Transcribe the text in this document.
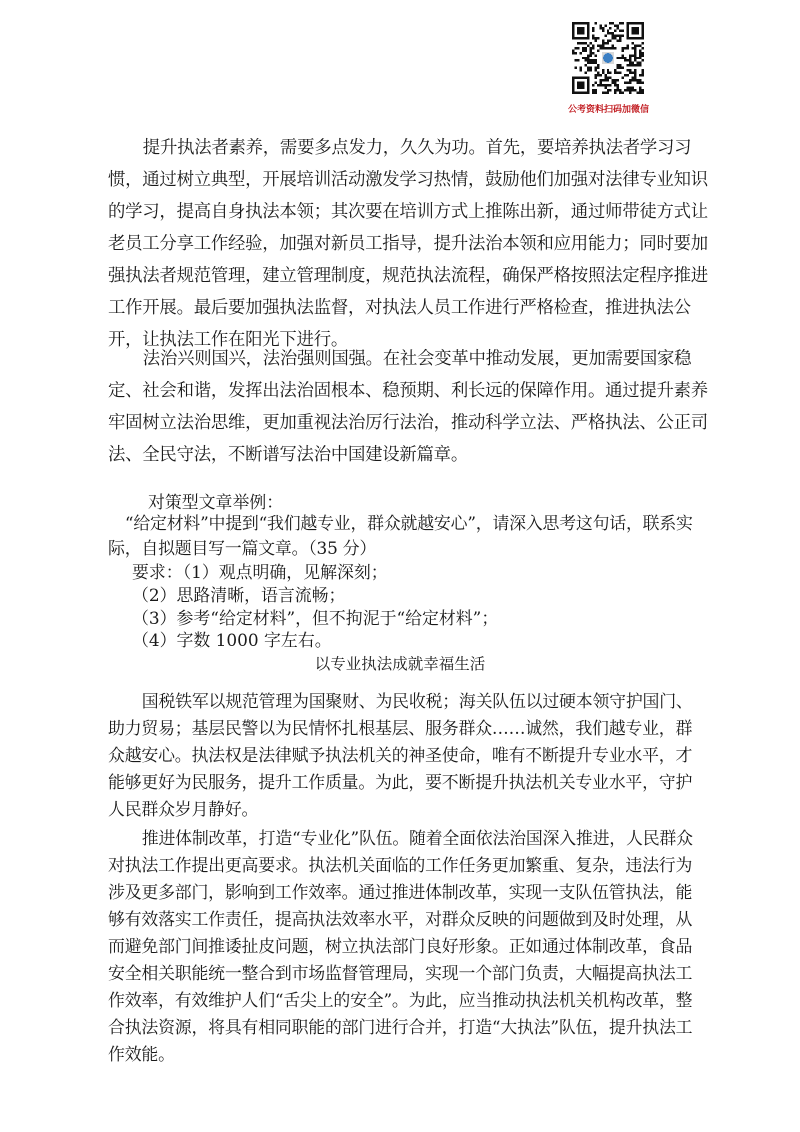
公考资料扫码加微信

提升执法者素养，需要多点发力，久久为功。首先，要培养执法者学习习惯，通过树立典型，开展培训活动激发学习热情，鼓励他们加强对法律专业知识的学习，提高自身执法本领；其次要在培训方式上推陈出新，通过师带徒方式让老员工分享工作经验，加强对新员工指导，提升法治本领和应用能力；同时要加强执法者规范管理，建立管理制度，规范执法流程，确保严格按照法定程序推进工作开展。最后要加强执法监督，对执法人员工作进行严格检查，推进执法公开，让执法工作在阳光下进行。

法治兴则国兴，法治强则国强。在社会变革中推动发展，更加需要国家稳定、社会和谐，发挥出法治固根本、稳预期、利长远的保障作用。通过提升素养牢固树立法治思维，更加重视法治厉行法治，推动科学立法、严格执法、公正司法、全民守法，不断谱写法治中国建设新篇章。

对策型文章举例：

“给定材料”中提到“我们越专业，群众就越安心”，请深入思考这句话，联系实际，自拟题目写一篇文章。（35 分）

要求：（1）观点明确，见解深刻；

（2）思路清晰，语言流畅；

（3）参考“给定材料”，但不拘泥于“给定材料”；

（4）字数 1000 字左右。

以专业执法成就幸福生活

国税铁军以规范管理为国聚财、为民收税；海关队伍以过硬本领守护国门、助力贸易；基层民警以为民情怀扎根基层、服务群众……诚然，我们越专业，群众越安心。执法权是法律赋予执法机关的神圣使命，唯有不断提升专业水平，才能够更好为民服务，提升工作质量。为此，要不断提升执法机关专业水平，守护人民群众岁月静好。

推进体制改革，打造“专业化”队伍。随着全面依法治国深入推进，人民群众对执法工作提出更高要求。执法机关面临的工作任务更加繁重、复杂，违法行为涉及更多部门，影响到工作效率。通过推进体制改革，实现一支队伍管执法，能够有效落实工作责任，提高执法效率水平，对群众反映的问题做到及时处理，从而避免部门间推诿扯皮问题，树立执法部门良好形象。正如通过体制改革，食品安全相关职能统一整合到市场监督管理局，实现一个部门负责，大幅提高执法工作效率，有效维护人们“舌尖上的安全”。为此，应当推动执法机关机构改革，整合执法资源，将具有相同职能的部门进行合并，打造“大执法”队伍，提升执法工作效能。
